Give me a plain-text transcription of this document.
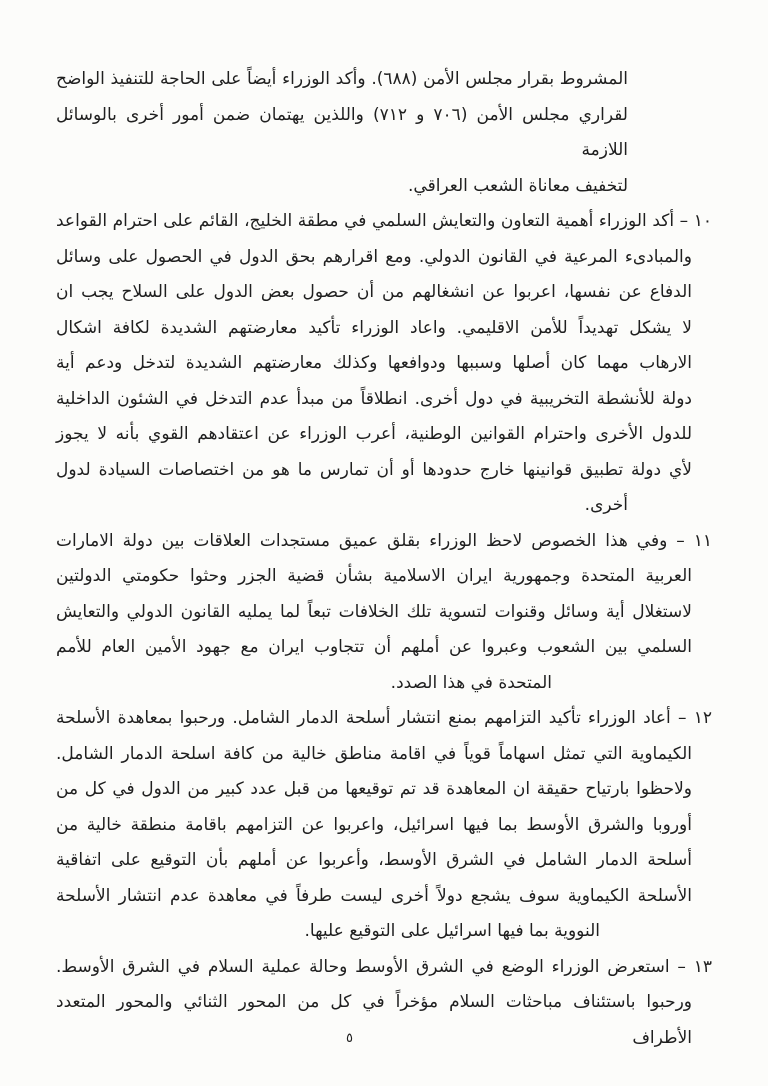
المشروط بقرار مجلس الأمن (٦٨٨). وأكد الوزراء أيضاً على الحاجة للتنفيذ الواضح
لقراري مجلس الأمن (٧٠٦ و ٧١٢) واللذين يهتمان ضمن أمور أخرى بالوسائل اللازمة
لتخفيف معاناة الشعب العراقي.
١٠ –أكد الوزراء أهمية التعاون والتعايش السلمي في مطقة الخليج، القائم على احترام القواعد
والمبادىء المرعية في القانون الدولي. ومع اقرارهم بحق الدول في الحصول على وسائل
الدفاع عن نفسها، اعربوا عن انشغالهم من أن حصول بعض الدول على السلاح يجب ان
لا يشكل تهديداً للأمن الاقليمي. واعاد الوزراء تأكيد معارضتهم الشديدة لكافة اشكال
الارهاب مهما كان أصلها وسببها ودوافعها وكذلك معارضتهم الشديدة لتدخل ودعم أية
دولة للأنشطة التخريبية في دول أخرى. انطلاقاً من مبدأ عدم التدخل في الشئون الداخلية
للدول الأخرى واحترام القوانين الوطنية، أعرب الوزراء عن اعتقادهم القوي بأنه لا يجوز
لأي دولة تطبيق قوانينها خارج حدودها أو أن تمارس ما هو من اختصاصات السيادة لدول
أخرى.
١١ –وفي هذا الخصوص لاحظ الوزراء بقلق عميق مستجدات العلاقات بين دولة الامارات
العربية المتحدة وجمهورية ايران الاسلامية بشأن قضية الجزر وحثوا حكومتي الدولتين
لاستغلال أية وسائل وقنوات لتسوية تلك الخلافات تبعاً لما يمليه القانون الدولي والتعايش
السلمي بين الشعوب وعبروا عن أملهم أن تتجاوب ايران مع جهود الأمين العام للأمم
المتحدة في هذا الصدد.
١٢ –أعاد الوزراء تأكيد التزامهم بمنع انتشار أسلحة الدمار الشامل. ورحبوا بمعاهدة الأسلحة
الكيماوية التي تمثل اسهاماً قوياً في اقامة مناطق خالية من كافة اسلحة الدمار الشامل.
ولاحظوا بارتياح حقيقة ان المعاهدة قد تم توقيعها من قبل عدد كبير من الدول في كل من
أوروبا والشرق الأوسط بما فيها اسرائيل، واعربوا عن التزامهم باقامة منطقة خالية من
أسلحة الدمار الشامل في الشرق الأوسط، وأعربوا عن أملهم بأن التوقيع على اتفاقية
الأسلحة الكيماوية سوف يشجع دولاً أخرى ليست طرفاً في معاهدة عدم انتشار الأسلحة
النووية بما فيها اسرائيل على التوقيع عليها.
١٣ –استعرض الوزراء الوضع في الشرق الأوسط وحالة عملية السلام في الشرق الأوسط.
ورحبوا باستئناف مباحثات السلام مؤخراً في كل من المحور الثنائي والمحور المتعدد الأطراف
٥
